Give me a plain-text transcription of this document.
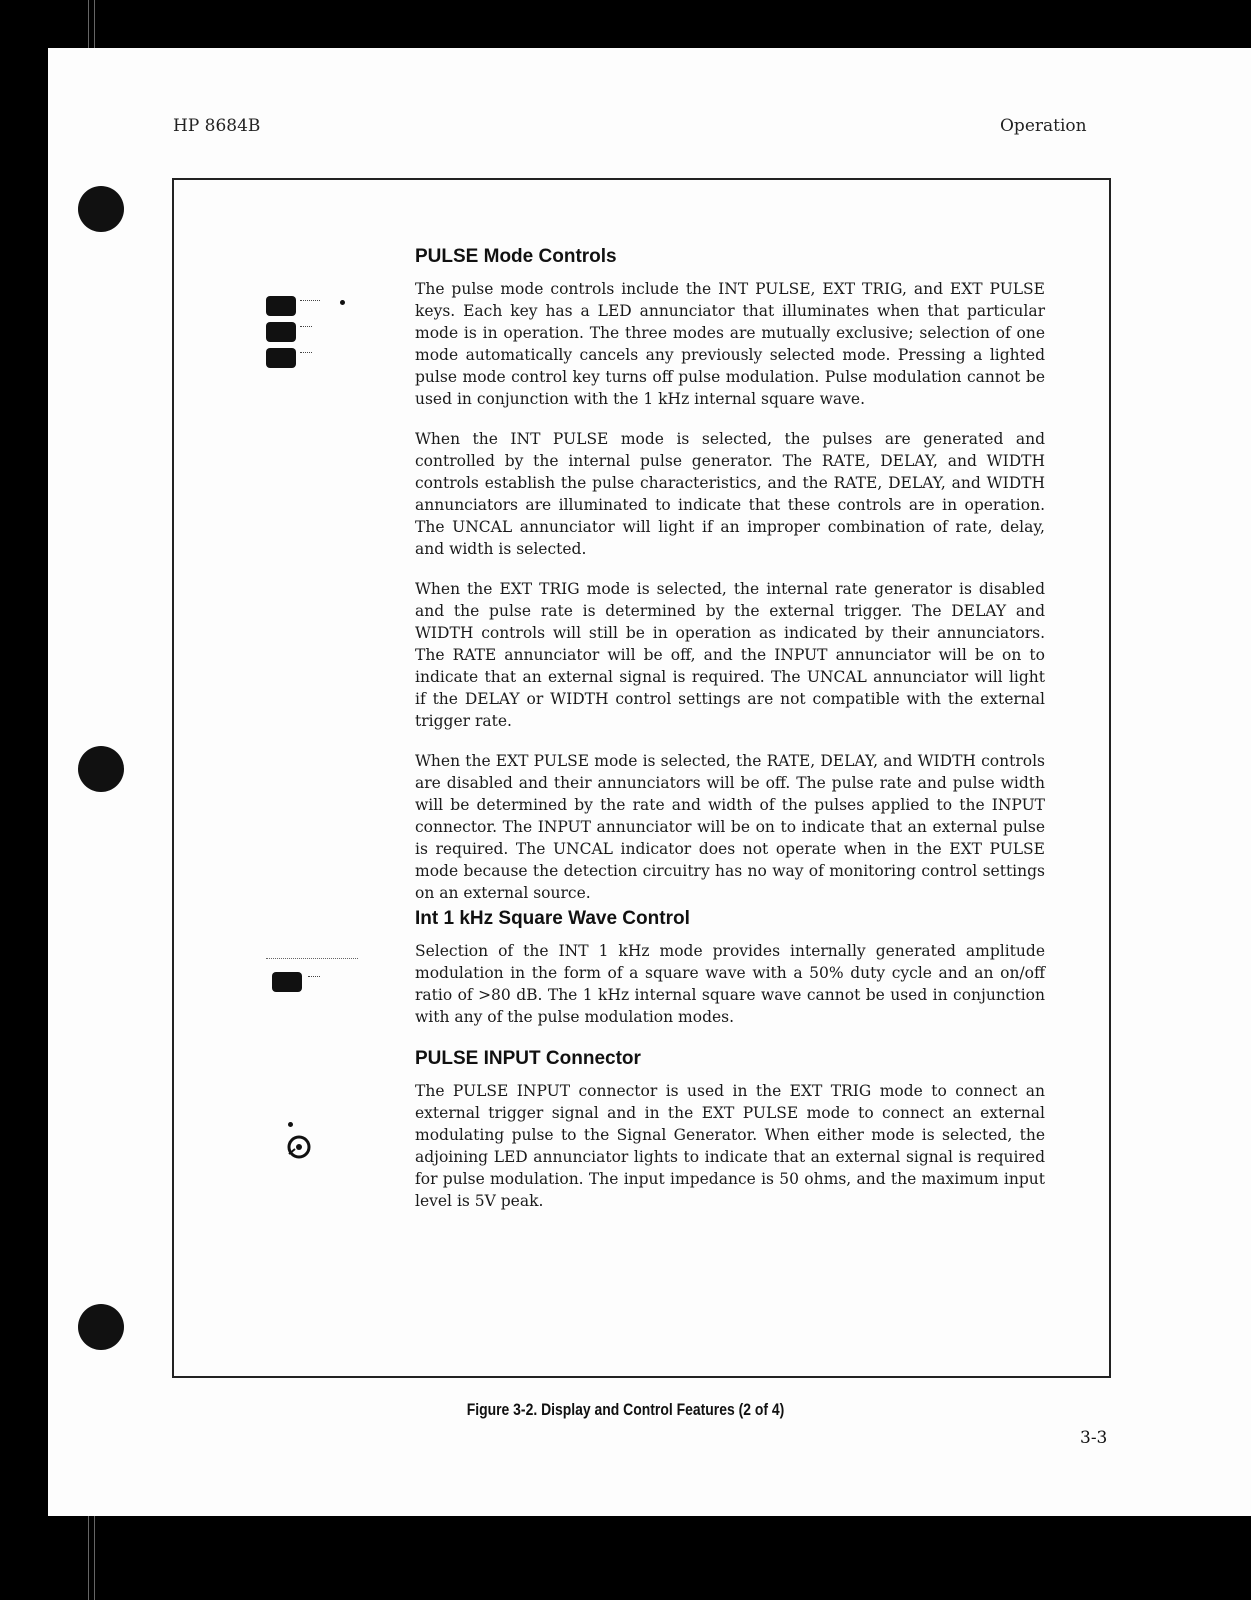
HP 8684B	Operation
PULSE Mode Controls

The pulse mode controls include the INT PULSE, EXT TRIG, and EXT PULSE keys. Each key has a LED annunciator that illuminates when that particular mode is in operation. The three modes are mutually exclusive; selection of one mode automatically cancels any previously selected mode. Pressing a lighted pulse mode control key turns off pulse modulation. Pulse modulation cannot be used in conjunction with the 1 kHz internal square wave.

When the INT PULSE mode is selected, the pulses are generated and controlled by the internal pulse generator. The RATE, DELAY, and WIDTH controls establish the pulse characteristics, and the RATE, DELAY, and WIDTH annunciators are illuminated to indicate that these controls are in operation. The UNCAL annunciator will light if an improper combination of rate, delay, and width is selected.

When the EXT TRIG mode is selected, the internal rate generator is disabled and the pulse rate is determined by the external trigger. The DELAY and WIDTH controls will still be in operation as indicated by their annunciators. The RATE annunciator will be off, and the INPUT annunciator will be on to indicate that an external signal is required. The UNCAL annunciator will light if the DELAY or WIDTH control settings are not compatible with the external trigger rate.

When the EXT PULSE mode is selected, the RATE, DELAY, and WIDTH controls are disabled and their annunciators will be off. The pulse rate and pulse width will be determined by the rate and width of the pulses applied to the INPUT connector. The INPUT annunciator will be on to indicate that an external pulse is required. The UNCAL indicator does not operate when in the EXT PULSE mode because the detection circuitry has no way of monitoring control settings on an external source.

Int 1 kHz Square Wave Control

Selection of the INT 1 kHz mode provides internally generated amplitude modulation in the form of a square wave with a 50% duty cycle and an on/off ratio of >80 dB. The 1 kHz internal square wave cannot be used in conjunction with any of the pulse modulation modes.

PULSE INPUT Connector

The PULSE INPUT connector is used in the EXT TRIG mode to connect an external trigger signal and in the EXT PULSE mode to connect an external modulating pulse to the Signal Generator. When either mode is selected, the adjoining LED annunciator lights to indicate that an external signal is required for pulse modulation. The input impedance is 50 ohms, and the maximum input level is 5V peak.

Figure 3-2. Display and Control Features (2 of 4)
3-3
